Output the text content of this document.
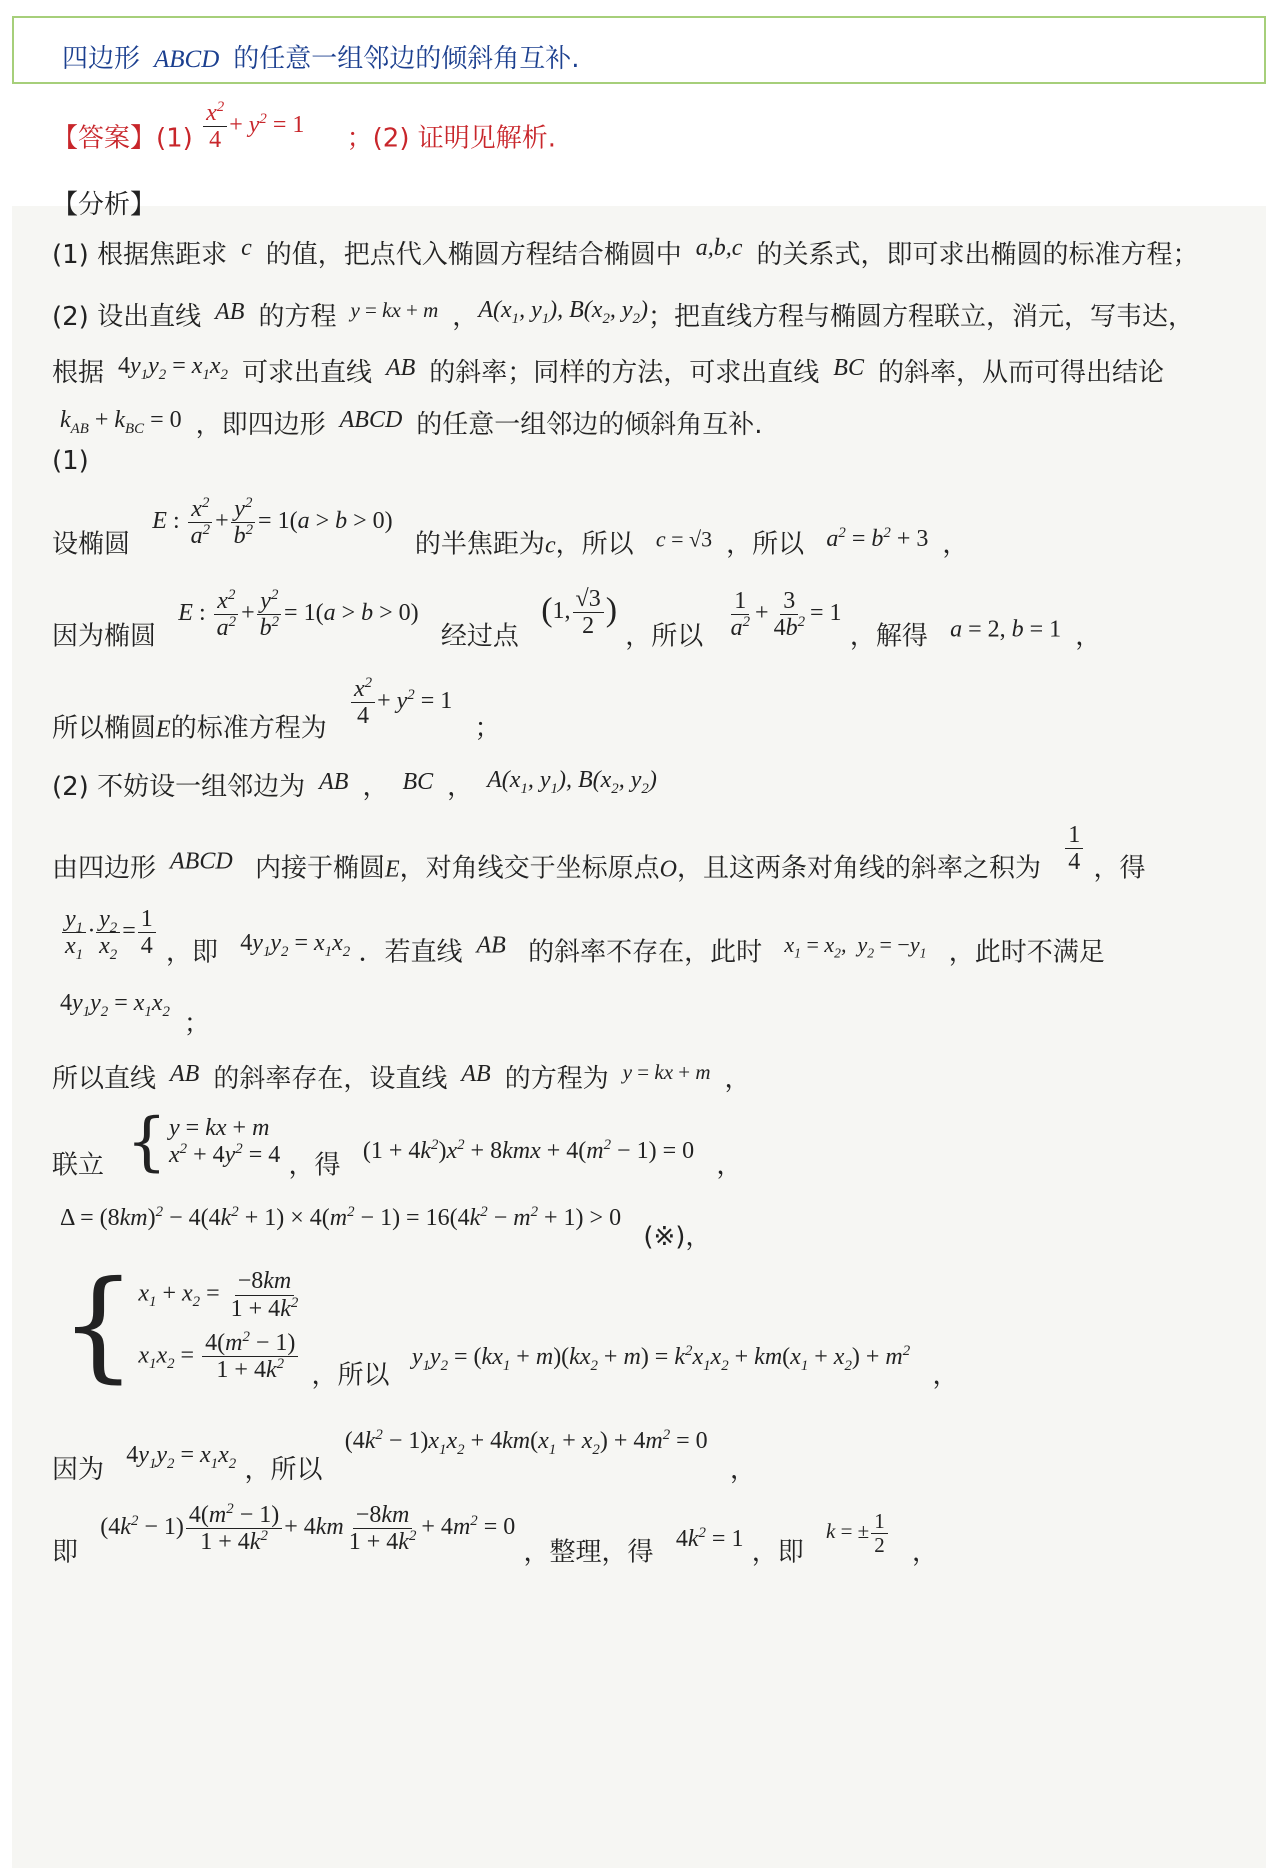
四边形 ABCD 的任意一组邻边的倾斜角互补.
【答案】$(1) \frac{x^2}{4} + y^2 = 1$ ；(2) 证明见解析.
【分析】
(1) 根据焦距求 c 的值，把点代入椭圆方程结合椭圆中 a,b,c 的关系式，即可求出椭圆的标准方程；
(2) 设出直线 AB 的方程 $^{y = kx + m}$ ，$A(x_1$, $y_1$), $B(x_2$, $y_2$)；把直线方程与椭圆方程联立，消元，写韦达，
根据 $4y_1y_2 = x_1x_2$ 可求出直线 AB 的斜率；同样的方法，可求出直线 BC 的斜率，从而可得出结论
$k_{AB} + k_{BC} = 0$ ，即四边形 ABCD 的任意一组邻边的倾斜角互补.
(1)
设椭圆 E : $\frac{x^2}{a^2} + \frac{y^2}{b^2} = 1(a > b > 0)$ 的半焦距为c，所以 $_{c = √3}$ ，所以 $a^2 = b^2 + 3$ ，
因为椭圆 E : $\frac{x^2}{a^2} + \frac{y^2}{b^2} = 1(a > b > 0)$ 经过点 (1, $\frac{√3}{2}$ ) ，所以 $\frac{1}{a^2} + \frac{3}{4b^2} = 1$ ，解得 a = 2, b = 1 ，
所以椭圆E的标准方程为 $\frac{x^2}{4} + y^2 = 1$ ；
(2) 不妨设一组邻边为 AB ， BC ， $A(x_1$, $y_1$), $B(x_2$, $y_2$)
由四边形 ABCD 内接于椭圆E，对角线交于坐标原点O，且这两条对角线的斜率之积为 $\frac{1}{4}$ ，得
$\frac{y_1}{x_1} \cdot \frac{y_2}{x_2} = \frac{1}{4}$ ，即 $4y_1y_2 = x_1x_2$ ．若直线 AB 的斜率不存在，此时 $_{x_1 = x_2, y_2 = -y_1}$ ，此时不满足
$4y_1y_2 = x_1x_2$ ；
所以直线 AB 的斜率存在，设直线 AB 的方程为 $^{y = kx + m}$ ，
联立 { y = kx + m
$x^2 + 4y^2 = 4$ ，得 $(1 + 4k^2)x^2 + 8kmx + 4(m^2 - 1) = 0$ ，
$\Delta = (8km)^2 - 4(4k^2 + 1) \times 4(m^2 - 1) = 16(4k^2 - m^2 + 1) > 0$ (※)，
{ $x_1 + x_2 = \frac{-8km}{1 + 4k^2}$
$x_1x_2 = \frac{4(m^2 - 1)}{1 + 4k^2}$ ，所以 $y_1y_2 = (kx_1 + m)(kx_2 + m) = k^2x_1x_2 + km(x_1 + x_2) + m^2$ ，
因为 $4y_1y_2 = x_1x_2$ ，所以 $(4k^2 - 1)x_1x_2 + 4km(x_1 + x_2) + 4m^2 = 0$ ，
即 $(4k^2 - 1) \frac{4(m^2 - 1)}{1 + 4k^2} + 4km \frac{-8km}{1 + 4k^2} + 4m^2 = 0$ ，整理，得 $4k^2 = 1$ ，即 k = ± $\frac{1}{2}$ ，
